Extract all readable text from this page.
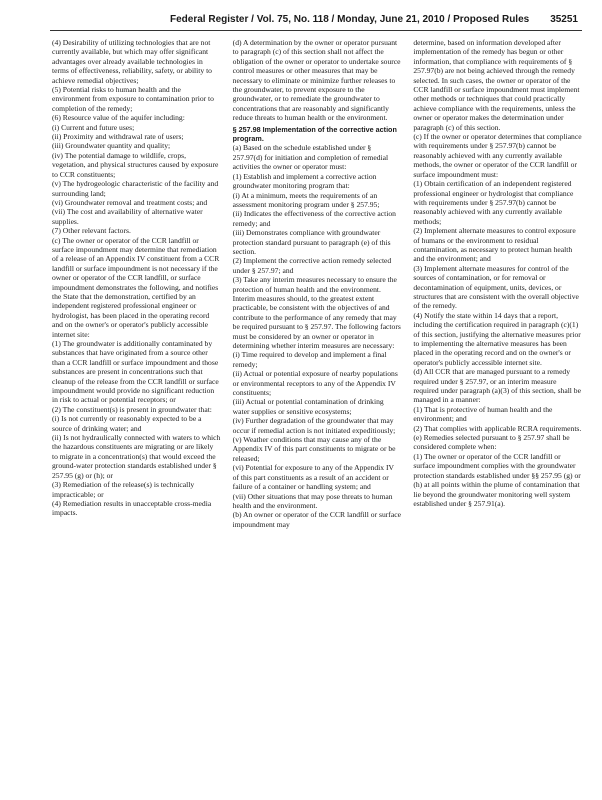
Federal Register / Vol. 75, No. 118 / Monday, June 21, 2010 / Proposed Rules 35251

(4) Desirability of utilizing technologies that are not currently available, but which may offer significant advantages over already available technologies in terms of effectiveness, reliability, safety, or ability to achieve remedial objectives;

(5) Potential risks to human health and the environment from exposure to contamination prior to completion of the remedy;

(6) Resource value of the aquifer including:

(i) Current and future uses;

(ii) Proximity and withdrawal rate of users;

(iii) Groundwater quantity and quality;

(iv) The potential damage to wildlife, crops, vegetation, and physical structures caused by exposure to CCR constituents;

(v) The hydrogeologic characteristic of the facility and surrounding land;

(vi) Groundwater removal and treatment costs; and

(vii) The cost and availability of alternative water supplies.

(7) Other relevant factors.

(c) The owner or operator of the CCR landfill or surface impoundment may determine that remediation of a release of an Appendix IV constituent from a CCR landfill or surface impoundment is not necessary if the owner or operator of the CCR landfill, or surface impoundment demonstrates the following, and notifies the State that the demonstration, certified by an independent registered professional engineer or hydrologist, has been placed in the operating record and on the owner's or operator's publicly accessible internet site:

(1) The groundwater is additionally contaminated by substances that have originated from a source other than a CCR landfill or surface impoundment and those substances are present in concentrations such that cleanup of the release from the CCR landfill or surface impoundment would provide no significant reduction in risk to actual or potential receptors; or

(2) The constituent(s) is present in groundwater that:

(i) Is not currently or reasonably expected to be a source of drinking water; and

(ii) Is not hydraulically connected with waters to which the hazardous constituents are migrating or are likely to migrate in a concentration(s) that would exceed the ground-water protection standards established under § 257.95 (g) or (h); or

(3) Remediation of the release(s) is technically impracticable; or

(4) Remediation results in unacceptable cross-media impacts.

(d) A determination by the owner or operator pursuant to paragraph (c) of this section shall not affect the obligation of the owner or operator to undertake source control measures or other measures that may be necessary to eliminate or minimize further releases to the groundwater, to prevent exposure to the groundwater, or to remediate the groundwater to concentrations that are reasonably and significantly reduce threats to human health or the environment.

§ 257.98 Implementation of the corrective action program.

(a) Based on the schedule established under § 257.97(d) for initiation and completion of remedial activities the owner or operator must:

(1) Establish and implement a corrective action groundwater monitoring program that:

(i) At a minimum, meets the requirements of an assessment monitoring program under § 257.95;

(ii) Indicates the effectiveness of the corrective action remedy; and

(iii) Demonstrates compliance with groundwater protection standard pursuant to paragraph (e) of this section.

(2) Implement the corrective action remedy selected under § 257.97; and

(3) Take any interim measures necessary to ensure the protection of human health and the environment. Interim measures should, to the greatest extent practicable, be consistent with the objectives of and contribute to the performance of any remedy that may be required pursuant to § 257.97. The following factors must be considered by an owner or operator in determining whether interim measures are necessary:

(i) Time required to develop and implement a final remedy;

(ii) Actual or potential exposure of nearby populations or environmental receptors to any of the Appendix IV constituents;

(iii) Actual or potential contamination of drinking water supplies or sensitive ecosystems;

(iv) Further degradation of the groundwater that may occur if remedial action is not initiated expeditiously;

(v) Weather conditions that may cause any of the Appendix IV of this part constituents to migrate or be released;

(vi) Potential for exposure to any of the Appendix IV of this part constituents as a result of an accident or failure of a container or handling system; and

(vii) Other situations that may pose threats to human health and the environment.

(b) An owner or operator of the CCR landfill or surface impoundment may

determine, based on information developed after implementation of the remedy has begun or other information, that compliance with requirements of § 257.97(b) are not being achieved through the remedy selected. In such cases, the owner or operator of the CCR landfill or surface impoundment must implement other methods or techniques that could practically achieve compliance with the requirements, unless the owner or operator makes the determination under paragraph (c) of this section.

(c) If the owner or operator determines that compliance with requirements under § 257.97(b) cannot be reasonably achieved with any currently available methods, the owner or operator of the CCR landfill or surface impoundment must:

(1) Obtain certification of an independent registered professional engineer or hydrologist that compliance with requirements under § 257.97(b) cannot be reasonably achieved with any currently available methods;

(2) Implement alternate measures to control exposure of humans or the environment to residual contamination, as necessary to protect human health and the environment; and

(3) Implement alternate measures for control of the sources of contamination, or for removal or decontamination of equipment, units, devices, or structures that are consistent with the overall objective of the remedy.

(4) Notify the state within 14 days that a report, including the certification required in paragraph (c)(1) of this section, justifying the alternative measures prior to implementing the alternative measures has been placed in the operating record and on the owner's or operator's publicly accessible internet site.

(d) All CCR that are managed pursuant to a remedy required under § 257.97, or an interim measure required under paragraph (a)(3) of this section, shall be managed in a manner:

(1) That is protective of human health and the environment; and

(2) That complies with applicable RCRA requirements.

(e) Remedies selected pursuant to § 257.97 shall be considered complete when:

(1) The owner or operator of the CCR landfill or surface impoundment complies with the groundwater protection standards established under §§ 257.95 (g) or (h) at all points within the plume of contamination that lie beyond the groundwater monitoring well system established under § 257.91(a).
